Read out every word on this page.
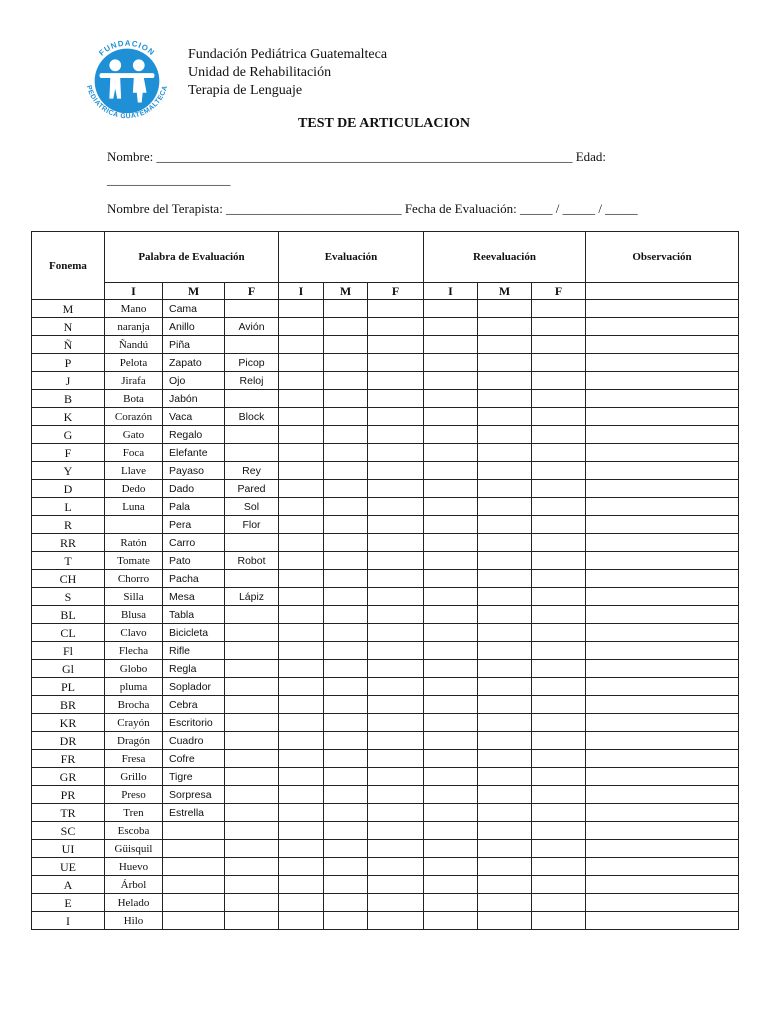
FUNDACION
PEDIATRICA GUATEMALTECA
Fundación Pediátrica Guatemalteca
Unidad de Rehabilitación
Terapia de Lenguaje
TEST DE ARTICULACION
Nombre: ________________________________________________________________ Edad:
___________________
Nombre del Terapista: ___________________________ Fecha de Evaluación: _____ / _____ / _____
Fonema	Palabra de Evaluación			Evaluación			Reevaluación			Observación
	I	M	F	I	M	F	I	M	F	
M	Mano	Cama								
N	naranja	Anillo	Avión							
Ñ	Ñandú	Piña								
P	Pelota	Zapato	Picop							
J	Jirafa	Ojo	Reloj							
B	Bota	Jabón								
K	Corazón	Vaca	Block							
G	Gato	Regalo								
F	Foca	Elefante								
Y	Llave	Payaso	Rey							
D	Dedo	Dado	Pared							
L	Luna	Pala	Sol							
R		Pera	Flor							
RR	Ratón	Carro								
T	Tomate	Pato	Robot							
CH	Chorro	Pacha								
S	Silla	Mesa	Lápiz							
BL	Blusa	Tabla								
CL	Clavo	Bicicleta								
Fl	Flecha	Rifle								
Gl	Globo	Regla								
PL	pluma	Soplador								
BR	Brocha	Cebra								
KR	Crayón	Escritorio								
DR	Dragón	Cuadro								
FR	Fresa	Cofre								
GR	Grillo	Tigre								
PR	Preso	Sorpresa								
TR	Tren	Estrella								
SC	Escoba									
UI	Güisquil									
UE	Huevo									
A	Árbol									
E	Helado									
I	Hilo									
